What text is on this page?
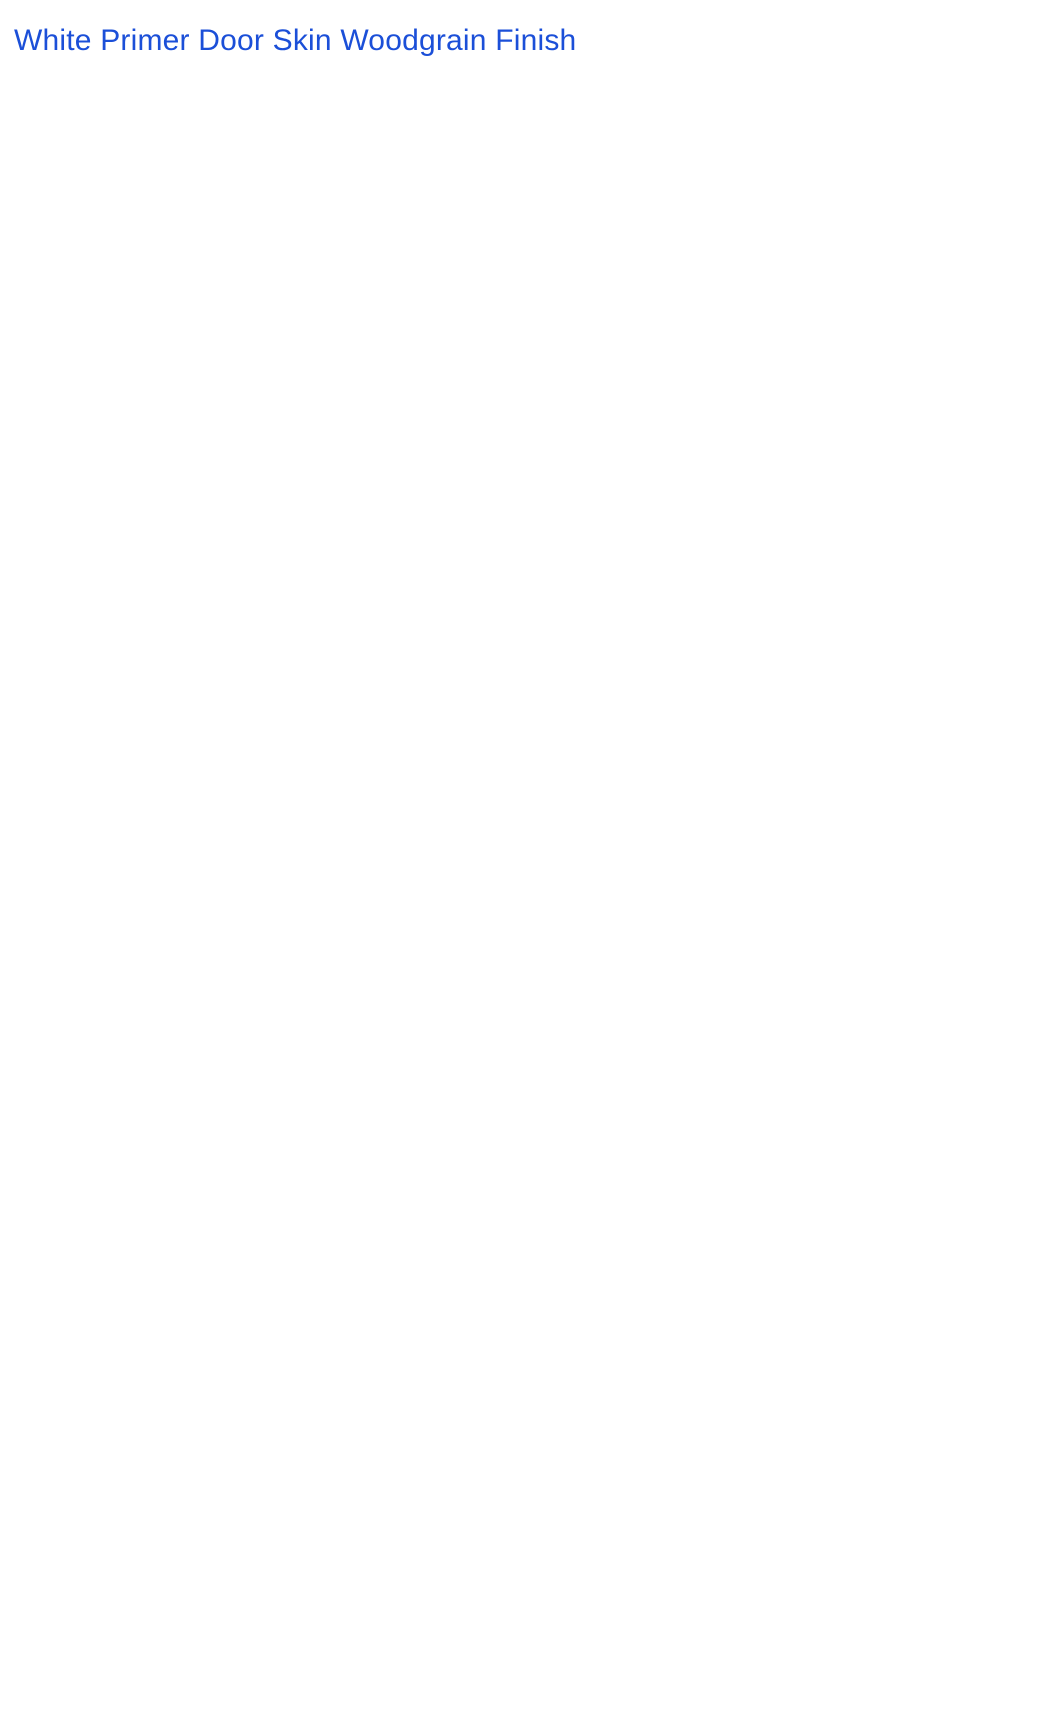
White Primer Door Skin Woodgrain Finish
